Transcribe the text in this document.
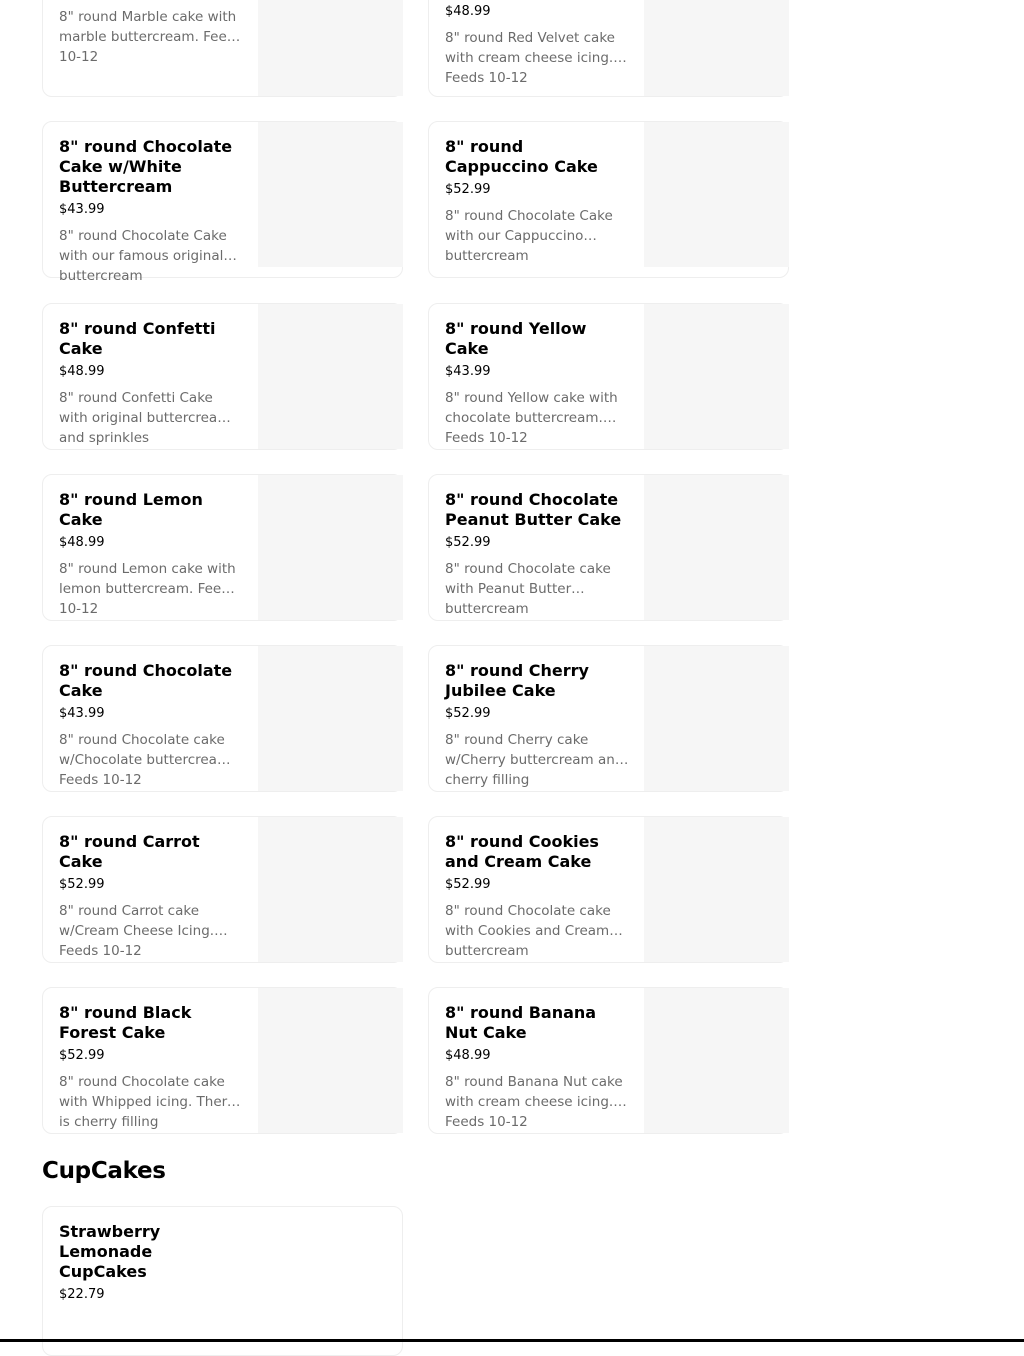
8" round Marble cake with marble buttercream. Feeds 10-12
$48.99
8" round Red Velvet cake with cream cheese icing. Feeds 10-12
8" round Chocolate Cake w/White Buttercream
$43.99
8" round Chocolate Cake with our famous original buttercream
8" round Cappuccino Cake
$52.99
8" round Chocolate Cake with our Cappuccino buttercream
8" round Confetti Cake
$48.99
8" round Confetti Cake with original buttercream and sprinkles
8" round Yellow Cake
$43.99
8" round Yellow cake with chocolate buttercream. Feeds 10-12
8" round Lemon Cake
$48.99
8" round Lemon cake with lemon buttercream. Feeds 10-12
8" round Chocolate Peanut Butter Cake
$52.99
8" round Chocolate cake with Peanut Butter buttercream
8" round Chocolate Cake
$43.99
8" round Chocolate cake w/Chocolate buttercream. Feeds 10-12
8" round Cherry Jubilee Cake
$52.99
8" round Cherry cake w/Cherry buttercream and cherry filling
8" round Carrot Cake
$52.99
8" round Carrot cake w/Cream Cheese Icing. Feeds 10-12
8" round Cookies and Cream Cake
$52.99
8" round Chocolate cake with Cookies and Cream buttercream
8" round Black Forest Cake
$52.99
8" round Chocolate cake with Whipped icing. There is cherry filling
8" round Banana Nut Cake
$48.99
8" round Banana Nut cake with cream cheese icing. Feeds 10-12
CupCakes
Strawberry Lemonade CupCakes
$22.79
